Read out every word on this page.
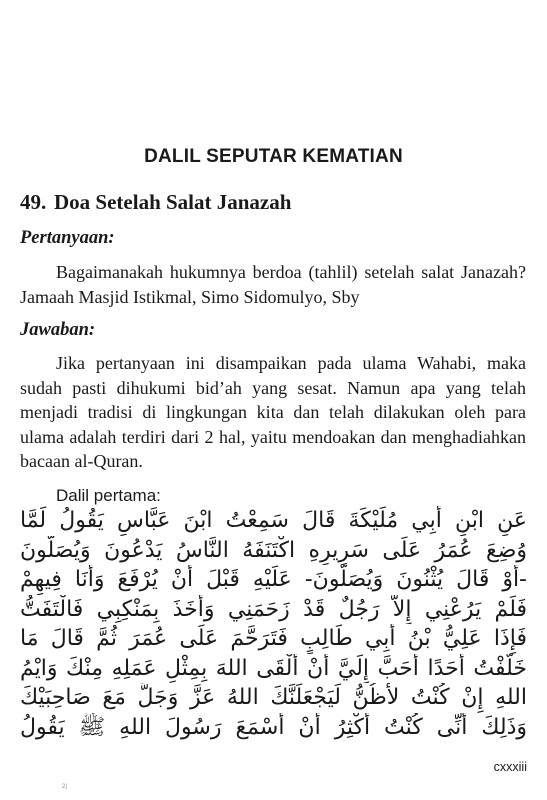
DALIL SEPUTAR KEMATIAN
49. Doa Setelah Salat Janazah
Pertanyaan:
Bagaimanakah hukumnya berdoa (tahlil) setelah salat Janazah? Jamaah Masjid Istikmal, Simo Sidomulyo, Sby
Jawaban:
Jika pertanyaan ini disampaikan pada ulama Wahabi, maka sudah pasti dihukumi bid’ah yang sesat. Namun apa yang telah menjadi tradisi di lingkungan kita dan telah dilakukan oleh para ulama adalah terdiri dari 2 hal, yaitu mendoakan dan menghadiahkan bacaan al-Quran.
Dalil pertama:
عَنِ ابْنِ أَبِي مُلَيْكَةَ قَالَ سَمِعْتُ ابْنَ عَبَّاسٍ يَقُولُ لَمَّا
وُضِعَ عُمَرُ عَلَى سَرِيرِهِ اكْتَنَفَهُ النَّاسُ يَدْعُونَ وَيُصَلُّونَ
-أَوْ قَالَ يُثْنُونَ وَيُصَلُّونَ- عَلَيْهِ قَبْلَ أَنْ يُرْفَعَ وَأَنَا فِيهِمْ
فَلَمْ يَرُعْنِي إِلاَّ رَجُلٌ قَدْ زَحَمَنِي وَأَخَذَ بِمَنْكِبِي فَالْتَفَتُّ
فَإِذَا عَلِيُّ بْنُ أَبِي طَالِبٍ فَتَرَحَّمَ عَلَى عُمَرَ ثُمَّ قَالَ مَا
خَلَّفْتُ أَحَدًا أَحَبَّ إِلَيَّ أَنْ أَلْقَى اللهَ بِمِثْلِ عَمَلِهِ مِنْكَ وَايْمُ
اللهِ إِنْ كُنْتُ لأَظُنُّ لَيَجْعَلَنَّكَ اللهُ عَزَّ وَجَلَّ مَعَ صَاحِبَيْكَ
وَذَلِكَ أَنِّى كُنْتُ أُكْثِرُ أَنْ أَسْمَعَ رَسُولَ اللهِ ﷺ يَقُولُ
cxxxiii
2|
